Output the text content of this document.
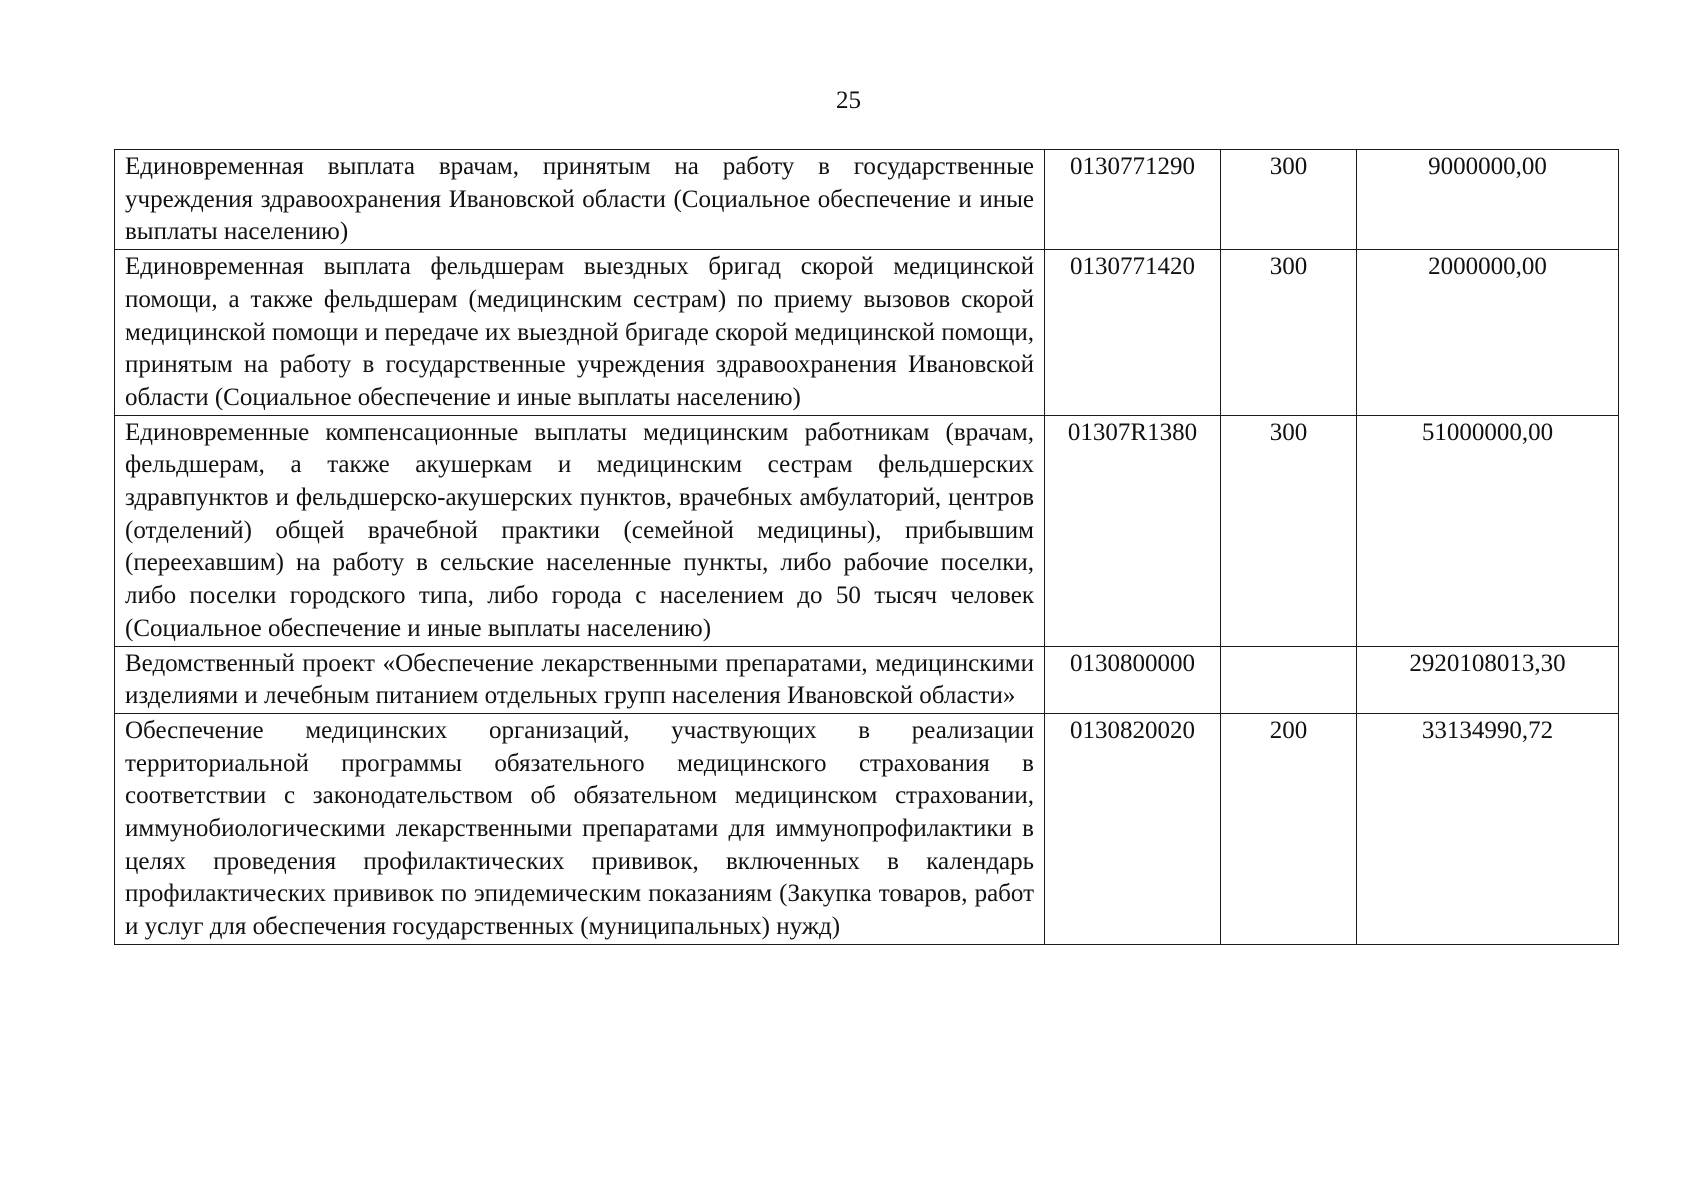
25
Единовременная выплата врачам, принятым на работу в государственные учреждения здравоохранения Ивановской области (Социальное обеспечение и иные выплаты населению)	0130771290	300	9000000,00
Единовременная выплата фельдшерам выездных бригад скорой медицинской помощи, а также фельдшерам (медицинским сестрам) по приему вызовов скорой медицинской помощи и передаче их выездной бригаде скорой медицинской помощи, принятым на работу в государственные учреждения здравоохранения Ивановской области (Социальное обеспечение и иные выплаты населению)	0130771420	300	2000000,00
Единовременные компенсационные выплаты медицинским работникам (врачам, фельдшерам, а также акушеркам и медицинским сестрам фельдшерских здравпунктов и фельдшерско-акушерских пунктов, врачебных амбулаторий, центров (отделений) общей врачебной практики (семейной медицины), прибывшим (переехавшим) на работу в сельские населенные пункты, либо рабочие поселки, либо поселки городского типа, либо города с населением до 50 тысяч человек (Социальное обеспечение и иные выплаты населению)	01307R1380	300	51000000,00
Ведомственный проект «Обеспечение лекарственными препаратами, медицинскими изделиями и лечебным питанием отдельных групп населения Ивановской области»	0130800000		2920108013,30
Обеспечение медицинских организаций, участвующих в реализации территориальной программы обязательного медицинского страхования в соответствии с законодательством об обязательном медицинском страховании, иммунобиологическими лекарственными препаратами для иммунопрофилактики в целях проведения профилактических прививок, включенных в календарь профилактических прививок по эпидемическим показаниям (Закупка товаров, работ и услуг для обеспечения государственных (муниципальных) нужд)	0130820020	200	33134990,72
